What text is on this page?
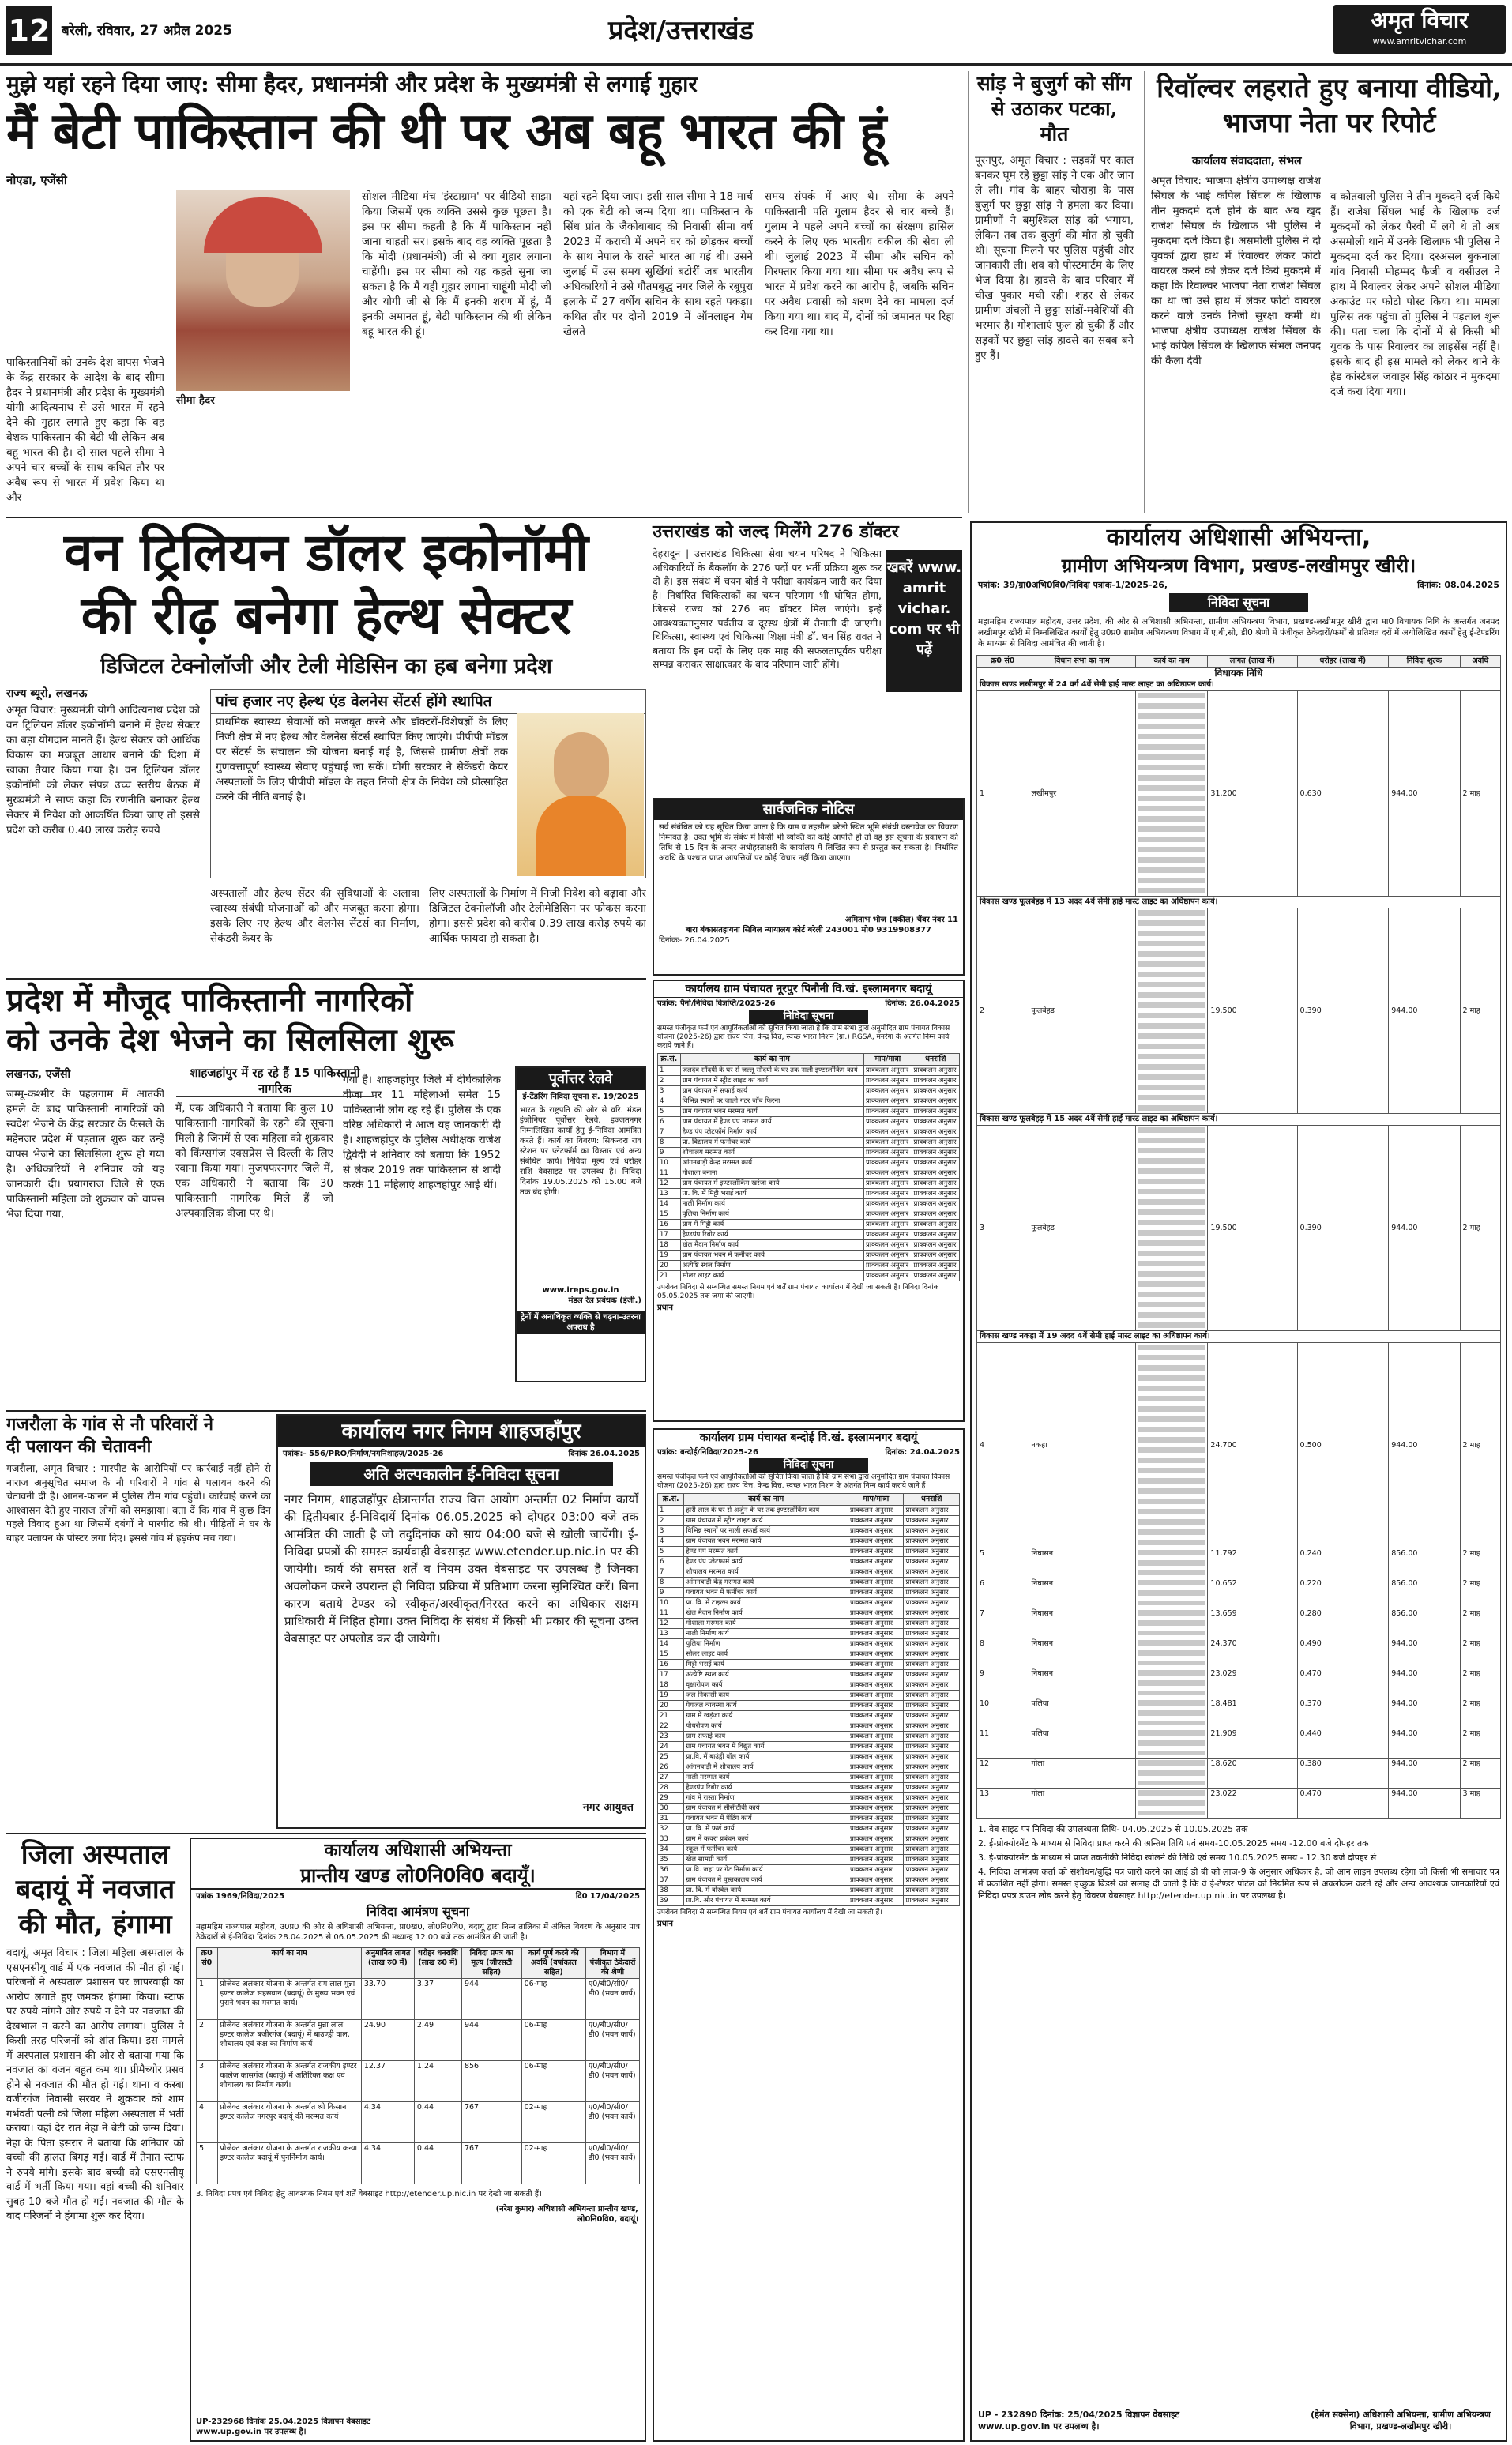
12 बरेली, रविवार, 27 अप्रैल 2025	प्रदेश/उत्तराखंड	अमृत विचार
www.amritvichar.com
मुझे यहां रहने दिया जाए: सीमा हैदर, प्रधानमंत्री और प्रदेश के मुख्यमंत्री से लगाई गुहार
मैं बेटी पाकिस्तान की थी पर अब बहू भारत की हूं
नोएडा, एजेंसी
पाकिस्तानियों को उनके देश वापस भेजने के केंद्र सरकार के आदेश के बाद सीमा हैदर ने प्रधानमंत्री और प्रदेश के मुख्यमंत्री योगी आदित्यनाथ से उसे भारत में रहने देने की गुहार लगाते हुए कहा कि वह बेशक पाकिस्तान की बेटी थी लेकिन अब बहू भारत की है। दो साल पहले सीमा ने अपने चार बच्चों के साथ कथित तौर पर अवैध रूप से भारत में प्रवेश किया था और
सीमा हैदर
सोशल मीडिया मंच 'इंस्टाग्राम' पर वीडियो साझा किया जिसमें एक व्यक्ति उससे कुछ पूछता है। इस पर सीमा कहती है कि मैं पाकिस्तान नहीं जाना चाहती सर। इसके बाद वह व्यक्ति पूछता है कि मोदी (प्रधानमंत्री) जी से क्या गुहार लगाना चाहेंगी। इस पर सीमा को यह कहते सुना जा सकता है कि मैं यही गुहार लगाना चाहूंगी मोदी जी और योगी जी से कि मैं इनकी शरण में हूं, मैं इनकी अमानत हूं, बेटी पाकिस्तान की थी लेकिन बहू भारत की हूं।
यहां रहने दिया जाए। इसी साल सीमा ने 18 मार्च को एक बेटी को जन्म दिया था। पाकिस्तान के सिंध प्रांत के जैकोबाबाद की निवासी सीमा वर्ष 2023 में कराची में अपने घर को छोड़कर बच्चों के साथ नेपाल के रास्ते भारत आ गई थी। उसने जुलाई में उस समय सुर्खियां बटोरीं जब भारतीय अधिकारियों ने उसे गौतमबुद्ध नगर जिले के रबूपुरा इलाके में 27 वर्षीय सचिन के साथ रहते पकड़ा। कथित तौर पर दोनों 2019 में ऑनलाइन गेम खेलते
समय संपर्क में आए थे। सीमा के अपने पाकिस्तानी पति गुलाम हैदर से चार बच्चे हैं। गुलाम ने पहले अपने बच्चों का संरक्षण हासिल करने के लिए एक भारतीय वकील की सेवा ली थी। जुलाई 2023 में सीमा और सचिन को गिरफ्तार किया गया था। सीमा पर अवैध रूप से भारत में प्रवेश करने का आरोप है, जबकि सचिन पर अवैध प्रवासी को शरण देने का मामला दर्ज किया गया था। बाद में, दोनों को जमानत पर रिहा कर दिया गया था।
सांड़ ने बुजुर्ग को सींग से उठाकर पटका, मौत
पूरनपुर, अमृत विचार : सड़कों पर काल बनकर घूम रहे छुट्टा सांड़ ने एक और जान ले ली। गांव के बाहर चौराहा के पास बुजुर्ग पर छुट्टा सांड़ ने हमला कर दिया। ग्रामीणों ने बमुश्किल सांड़ को भगाया, लेकिन तब तक बुजुर्ग की मौत हो चुकी थी। सूचना मिलने पर पुलिस पहुंची और जानकारी ली। शव को पोस्टमार्टम के लिए भेज दिया है। हादसे के बाद परिवार में चीख पुकार मची रही। शहर से लेकर ग्रामीण अंचलों में छुट्टा सांडों-मवेशियों की भरमार है। गोशालाएं फुल हो चुकी हैं और सड़कों पर छुट्टा सांड़ हादसे का सबब बने हुए हैं।
रिवॉल्वर लहराते हुए बनाया वीडियो, भाजपा नेता पर रिपोर्ट
कार्यालय संवाददाता, संभल
अमृत विचार: भाजपा क्षेत्रीय उपाध्यक्ष राजेश सिंघल के भाई कपिल सिंघल के खिलाफ तीन मुकदमे दर्ज होने के बाद अब खुद राजेश सिंघल के खिलाफ भी पुलिस ने मुकदमा दर्ज किया है। असमोली पुलिस ने दो युवकों द्वारा हाथ में रिवाल्वर लेकर फोटो वायरल करने को लेकर दर्ज किये मुकदमे में कहा कि रिवाल्वर भाजपा नेता राजेश सिंघल का था जो उसे हाथ में लेकर फोटो वायरल करने वाले उनके निजी सुरक्षा कर्मी थे। भाजपा क्षेत्रीय उपाध्यक्ष राजेश सिंघल के भाई कपिल सिंघल के खिलाफ संभल जनपद की कैला देवी
व कोतवाली पुलिस ने तीन मुकदमे दर्ज किये हैं। राजेश सिंघल भाई के खिलाफ दर्ज मुकदमों को लेकर पैरवी में लगे थे तो अब असमोली थाने में उनके खिलाफ भी पुलिस ने मुकदमा दर्ज कर दिया। दरअसल बुकनाला गांव निवासी मोहम्मद फैजी व वसीउल ने हाथ में रिवाल्वर लेकर अपने सोशल मीडिया अकाउंट पर फोटो पोस्ट किया था। मामला पुलिस तक पहुंचा तो पुलिस ने पड़ताल शुरू की। पता चला कि दोनों में से किसी भी युवक के पास रिवाल्वर का लाइसेंस नहीं है। इसके बाद ही इस मामले को लेकर थाने के हेड कांस्टेबल जवाहर सिंह कोठार ने मुकदमा दर्ज करा दिया गया।
वन ट्रिलियन डॉलर इकोनॉमी
की रीढ़ बनेगा हेल्थ सेक्टर
डिजिटल टेक्नोलॉजी और टेली मेडिसिन का हब बनेगा प्रदेश
राज्य ब्यूरो, लखनऊ
अमृत विचार: मुख्यमंत्री योगी आदित्यनाथ प्रदेश को वन ट्रिलियन डॉलर इकोनॉमी बनाने में हेल्थ सेक्टर का बड़ा योगदान मानते हैं। हेल्थ सेक्टर को आर्थिक विकास का मजबूत आधार बनाने की दिशा में खाका तैयार किया गया है। वन ट्रिलियन डॉलर इकोनॉमी को लेकर संपन्न उच्च स्तरीय बैठक में मुख्यमंत्री ने साफ कहा कि रणनीति बनाकर हेल्थ सेक्टर में निवेश को आकर्षित किया जाए तो इससे प्रदेश को करीब 0.40 लाख करोड़ रुपये
पांच हजार नए हेल्थ एंड वेलनेस सेंटर्स होंगे स्थापित
प्राथमिक स्वास्थ्य सेवाओं को मजबूत करने और डॉक्टरों-विशेषज्ञों के लिए निजी क्षेत्र में नए हेल्थ और वेलनेस सेंटर्स स्थापित किए जाएंगे। पीपीपी मॉडल पर सेंटर्स के संचालन की योजना बनाई गई है, जिससे ग्रामीण क्षेत्रों तक गुणवत्तापूर्ण स्वास्थ्य सेवाएं पहुंचाई जा सकें। योगी सरकार ने सेकेंडरी केयर अस्पतालों के लिए पीपीपी मॉडल के तहत निजी क्षेत्र के निवेश को प्रोत्साहित करने की नीति बनाई है।
अस्पतालों और हेल्थ सेंटर की सुविधाओं के अलावा स्वास्थ्य संबंधी योजनाओं को और मजबूत करना होगा। इसके लिए नए हेल्थ और वेलनेस सेंटर्स का निर्माण, सेकंडरी केयर के
लिए अस्पतालों के निर्माण में निजी निवेश को बढ़ावा और डिजिटल टेक्नोलॉजी और टेलीमेडिसिन पर फोकस करना होगा। इससे प्रदेश को करीब 0.39 लाख करोड़ रुपये का आर्थिक फायदा हो सकता है।
उत्तराखंड को जल्द मिलेंगे 276 डॉक्टर
देहरादून | उत्तराखंड चिकित्सा सेवा चयन परिषद ने चिकित्सा अधिकारियों के बैकलॉग के 276 पदों पर भर्ती प्रक्रिया शुरू कर दी है। इस संबंध में चयन बोर्ड ने परीक्षा कार्यक्रम जारी कर दिया है। निर्धारित चिकित्सकों का चयन परिणाम भी घोषित होगा, जिससे राज्य को 276 नए डॉक्टर मिल जाएंगे। इन्हें आवश्यकतानुसार पर्वतीय व दूरस्थ क्षेत्रों में तैनाती दी जाएगी। चिकित्सा, स्वास्थ्य एवं चिकित्सा शिक्षा मंत्री डॉ. धन सिंह रावत ने बताया कि इन पदों के लिए एक माह की सफलतापूर्वक परीक्षा सम्पन्न कराकर साक्षात्कार के बाद परिणाम जारी होंगे।
खबरें www. amrit vichar. com पर भी पढ़ें
सार्वजनिक नोटिस
सर्व संबंधित को यह सूचित किया जाता है कि ग्राम व तहसील बरेली स्थित भूमि संबंधी दस्तावेज का विवरण निम्नवत है। उक्त भूमि के संबंध में किसी भी व्यक्ति को कोई आपत्ति हो तो वह इस सूचना के प्रकाशन की तिथि से 15 दिन के अन्दर अधोहस्ताक्षरी के कार्यालय में लिखित रूप से प्रस्तुत कर सकता है। निर्धारित अवधि के पश्चात प्राप्त आपत्तियों पर कोई विचार नहीं किया जाएगा।
अमिताभ भोज (वकील) चैंबर नंबर 11
बारा बंकासतहायना सिविल न्यायालय कोर्ट बरेली 243001 मो0 9319908377
दिनांकः- 26.04.2025
प्रदेश में मौजूद पाकिस्तानी नागरिकों
को उनके देश भेजने का सिलसिला शुरू
लखनऊ, एजेंसी	शाहजहांपुर में रह रहे हैं 15 पाकिस्तानी नागरिक
जम्मू-कश्मीर के पहलगाम में आतंकी हमले के बाद पाकिस्तानी नागरिकों को स्वदेश भेजने के केंद्र सरकार के फैसले के मद्देनजर प्रदेश में पड़ताल शुरू कर उन्हें वापस भेजने का सिलसिला शुरू हो गया है। अधिकारियों ने शनिवार को यह जानकारी दी। प्रयागराज जिले से एक पाकिस्तानी महिला को शुक्रवार को वापस भेज दिया गया,
मैं, एक अधिकारी ने बताया कि कुल 10 पाकिस्तानी नागरिकों के रहने की सूचना मिली है जिनमें से एक महिला को शुक्रवार को किंग्सगंज एक्सप्रेस से दिल्ली के लिए रवाना किया गया। मुजफ्फरनगर जिले में, एक अधिकारी ने बताया कि 30 पाकिस्तानी नागरिक मिले हैं जो अल्पकालिक वीजा पर थे।
गया है। शाहजहांपुर जिले में दीर्घकालिक वीजा पर 11 महिलाओं समेत 15 पाकिस्तानी लोग रह रहे हैं। पुलिस के एक वरिष्ठ अधिकारी ने आज यह जानकारी दी है। शाहजहांपुर के पुलिस अधीक्षक राजेश द्विवेदी ने शनिवार को बताया कि 1952 से लेकर 2019 तक पाकिस्तान से शादी करके 11 महिलाएं शाहजहांपुर आई थीं।
पूर्वोत्तर रेलवे
ई-टेंडरिंग निविदा सूचना सं. 19/2025
भारत के राष्ट्रपति की ओर से वरि. मंडल इंजीनियर पूर्वोत्तर रेलवे, इज्जतनगर निम्नलिखित कार्यों हेतु ई-निविदा आमंत्रित करते हैं। कार्य का विवरण: सिकन्दरा राव स्टेशन पर प्लेटफॉर्म का विस्तार एवं अन्य संबंधित कार्य। निविदा मूल्य एवं धरोहर राशि वेबसाइट पर उपलब्ध है। निविदा दिनांक 19.05.2025 को 15.00 बजे तक बंद होगी।
www.ireps.gov.in
मंडल रेल प्रबंधक (इंजी.)
ट्रेनों में अनाधिकृत व्यक्ति से चढ़ना-उतरना अपराध है
गजरौला के गांव से नौ परिवारों ने
दी पलायन की चेतावनी
गजरौला, अमृत विचार : मारपीट के आरोपियों पर कार्रवाई नहीं होने से नाराज अनुसूचित समाज के नौ परिवारों ने गांव से पलायन करने की चेतावनी दी है। आनन-फानन में पुलिस टीम गांव पहुंची। कार्रवाई करने का आश्वासन देते हुए नाराज लोगों को समझाया। बता दें कि गांव में कुछ दिन पहले विवाद हुआ था जिसमें दबंगों ने मारपीट की थी। पीड़ितों ने घर के बाहर पलायन के पोस्टर लगा दिए। इससे गांव में हड़कंप मच गया।
कार्यालय नगर निगम शाहजहाँपुर
पत्रांक:- 556/PRO/निर्माण/नगनिशाहज़/2025-26	दिनांक 26.04.2025
अति अल्पकालीन ई-निविदा सूचना
नगर निगम, शाहजहाँपुर क्षेत्रान्तर्गत राज्य वित्त आयोग अन्तर्गत 02 निर्माण कार्यों की द्वितीयबार ई-निविदायें दिनांक 06.05.2025 को दोपहर 03:00 बजे तक आमंत्रित की जाती है जो तदुदिनांक को सायं 04:00 बजे से खोली जायेंगी। ई-निविदा प्रपत्रों की समस्त कार्यवाही वेबसाइट www.etender.up.nic.in पर की जायेगी। कार्य की समस्त शर्तें व नियम उक्त वेबसाइट पर उपलब्ध है जिनका अवलोकन करने उपरान्त ही निविदा प्रक्रिया में प्रतिभाग करना सुनिश्चित करें। बिना कारण बताये टेण्डर को स्वीकृत/अस्वीकृत/निरस्त करने का अधिकार सक्षम प्राधिकारी में निहित होगा। उक्त निविदा के संबंध में किसी भी प्रकार की सूचना उक्त वेबसाइट पर अपलोड कर दी जायेगी।
नगर आयुक्त
जिला अस्पताल बदायूं में नवजात की मौत, हंगामा
बदायूं, अमृत विचार : जिला महिला अस्पताल के एसएनसीयू वार्ड में एक नवजात की मौत हो गई। परिजनों ने अस्पताल प्रशासन पर लापरवाही का आरोप लगाते हुए जमकर हंगामा किया। स्टाफ पर रुपये मांगने और रुपये न देने पर नवजात की देखभाल न करने का आरोप लगाया। पुलिस ने किसी तरह परिजनों को शांत किया। इस मामले में अस्पताल प्रशासन की ओर से बताया गया कि नवजात का वजन बहुत कम था। प्रीमैच्योर प्रसव होने से नवजात की मौत हो गई। थाना व कस्बा वजीरगंज निवासी सरवर ने शुक्रवार को शाम गर्भवती पत्नी को जिला महिला अस्पताल में भर्ती कराया। यहां देर रात नेहा ने बेटी को जन्म दिया। नेहा के पिता इसरार ने बताया कि शनिवार को बच्ची की हालत बिगड़ गई। वार्ड में तैनात स्टाफ ने रुपये मांगे। इसके बाद बच्ची को एसएनसीयू वार्ड में भर्ती किया गया। वहां बच्ची की शनिवार सुबह 10 बजे मौत हो गई। नवजात की मौत के बाद परिजनों ने हंगामा शुरू कर दिया।
कार्यालय अधिशासी अभियन्ता
प्रान्तीय खण्ड लो0नि0वि0 बदायूँ।
पत्रांक 1969/निविदा/2025	दि0 17/04/2025
निविदा आमंत्रण सूचना
महामहिम राज्यपाल महोदय, उ0प्र0 की ओर से अधिशासी अभियन्ता, प्रा0ख0, लो0नि0वि0, बदायूं द्वारा निम्न तालिका में अंकित विवरण के अनुसार पात्र ठेकेदारों से ई-निविदा दिनांक 28.04.2025 से 06.05.2025 की मध्यान्ह 12.00 बजे तक आमंत्रित की जाती है।
क्र0 सं0	कार्य का नाम	अनुमानित लागत (लाख रु0 में)	धरोहर धनराशि (लाख रु0 में)	निविदा प्रपत्र का मूल्य (जीएसटी सहित)	कार्य पूर्ण करने की अवधि (वर्षाकाल सहित)	विभाग में पंजीकृत ठेकेदारों की श्रेणी
1	प्रोजेक्ट अलंकार योजना के अन्तर्गत राम लाल मुन्ना इण्टर कालेज सहसवान (बदायूं) के मुख्य भवन एवं पुराने भवन का मरम्मत कार्य।	33.70	3.37	944	06-माह	ए0/बी0/सी0/डी0 (भवन कार्य)
2	प्रोजेक्ट अलंकार योजना के अन्तर्गत मुन्ना लाल इण्टर कालेज बजीरगंज (बदायूं) में बाउण्ड्री वाल, शौचालय एवं कक्ष का निर्माण कार्य।	24.90	2.49	944	06-माह	ए0/बी0/सी0/डी0 (भवन कार्य)
3	प्रोजेक्ट अलंकार योजना के अन्तर्गत राजकीय इण्टर कालेज कासगंज (बदायूं) में अतिरिक्त कक्ष एवं शौचालय का निर्माण कार्य।	12.37	1.24	856	06-माह	ए0/बी0/सी0/डी0 (भवन कार्य)
4	प्रोजेक्ट अलंकार योजना के अन्तर्गत श्री किसान इण्टर कालेज नगरपुर बदायूं की मरम्मत कार्य।	4.34	0.44	767	02-माह	ए0/बी0/सी0/डी0 (भवन कार्य)
5	प्रोजेक्ट अलंकार योजना के अन्तर्गत राजकीय कन्या इण्टर कालेज बदायूं में पुनर्निर्माण कार्य।	4.34	0.44	767	02-माह	ए0/बी0/सी0/डी0 (भवन कार्य)
3. निविदा प्रपत्र एवं निविदा हेतु आवश्यक नियम एवं शर्तें वेबसाइट http://etender.up.nic.in पर देखी जा सकती हैं।
(नरेश कुमार) अधिशासी अभियन्ता प्रान्तीय खण्ड, लो0नि0वि0, बदायूं।
UP-232968 दिनांक 25.04.2025 विज्ञापन वेबसाइट www.up.gov.in पर उपलब्ध है।
कार्यालय ग्राम पंचायत नूरपुर पिनौनी वि.खं. इस्लामनगर बदायूं
पत्रांक: पैनो/निविदा विज्ञप्ति/2025-26	दिनांक: 26.04.2025
निविदा सूचना
समस्त पंजीकृत फर्म एवं आपूर्तिकर्ताओं को सूचित किया जाता है कि ग्राम सभा द्वारा अनुमोदित ग्राम पंचायत विकास योजना (2025-26) द्वारा राज्य वित्त, केन्द्र वित्त, स्वच्छ भारत मिशन (ग्रा.) RGSA, मनरेगा के अंतर्गत निम्न कार्य कराये जाने हैं।
क्र.सं.	कार्य का नाम	माप/मात्रा	धनराशि
1	जलदेव सौंदर्यी के घर से जल्लू सौंदर्यी के घर तक नाली इण्टरलॉकिंग कार्य	प्राक्कलन अनुसार	प्राक्कलन अनुसार
2	ग्राम पंचायत में स्ट्रीट लाइट का कार्य	प्राक्कलन अनुसार	प्राक्कलन अनुसार
3	ग्राम पंचायत में सफाई कार्य	प्राक्कलन अनुसार	प्राक्कलन अनुसार
4	विभिन्न स्थानों पर जाली गटर जॉब फिरना	प्राक्कलन अनुसार	प्राक्कलन अनुसार
5	ग्राम पंचायत भवन मरम्मत कार्य	प्राक्कलन अनुसार	प्राक्कलन अनुसार
6	ग्राम पंचायत में हैण्ड पंप मरम्मत कार्य	प्राक्कलन अनुसार	प्राक्कलन अनुसार
7	हैण्ड पंप प्लेटफॉर्म निर्माण कार्य	प्राक्कलन अनुसार	प्राक्कलन अनुसार
8	प्रा. विद्यालय में फर्नीचर कार्य	प्राक्कलन अनुसार	प्राक्कलन अनुसार
9	शौचालय मरम्मत कार्य	प्राक्कलन अनुसार	प्राक्कलन अनुसार
10	आंगनबाड़ी केन्द्र मरम्मत कार्य	प्राक्कलन अनुसार	प्राक्कलन अनुसार
11	गौशाला बनाना	प्राक्कलन अनुसार	प्राक्कलन अनुसार
12	ग्राम पंचायत में इण्टरलॉकिंग खरंजा कार्य	प्राक्कलन अनुसार	प्राक्कलन अनुसार
13	प्रा. वि. में मिट्टी भराई कार्य	प्राक्कलन अनुसार	प्राक्कलन अनुसार
14	नाली निर्माण कार्य	प्राक्कलन अनुसार	प्राक्कलन अनुसार
15	पुलिया निर्माण कार्य	प्राक्कलन अनुसार	प्राक्कलन अनुसार
16	ग्राम में मिट्टी कार्य	प्राक्कलन अनुसार	प्राक्कलन अनुसार
17	हैण्डपंप रिबोर कार्य	प्राक्कलन अनुसार	प्राक्कलन अनुसार
18	खेल मैदान निर्माण कार्य	प्राक्कलन अनुसार	प्राक्कलन अनुसार
19	ग्राम पंचायत भवन में फर्नीचर कार्य	प्राक्कलन अनुसार	प्राक्कलन अनुसार
20	अंत्येष्टि स्थल निर्माण	प्राक्कलन अनुसार	प्राक्कलन अनुसार
21	सोलर लाइट कार्य	प्राक्कलन अनुसार	प्राक्कलन अनुसार
उपरोक्त निविदा से सम्बन्धित समस्त नियम एवं शर्तें ग्राम पंचायत कार्यालय में देखी जा सकती हैं। निविदा दिनांक 05.05.2025 तक जमा की जाएगी।
प्रधान
कार्यालय ग्राम पंचायत बन्दोई वि.खं. इस्लामनगर बदायूं
पत्रांक: बन्दोई/निविदा/2025-26	दिनांक: 24.04.2025
निविदा सूचना
समस्त पंजीकृत फर्म एवं आपूर्तिकर्ताओं को सूचित किया जाता है कि ग्राम सभा द्वारा अनुमोदित ग्राम पंचायत विकास योजना (2025-26) द्वारा राज्य वित्त, केन्द्र वित्त, स्वच्छ भारत मिशन के अंतर्गत निम्न कार्य कराये जाने हैं।
क्र.सं.	कार्य का नाम	माप/मात्रा	धनराशि
1	होरी लाल के घर से अर्जुन के घर तक इण्टरलॉकिंग कार्य	प्राक्कलन अनुसार	प्राक्कलन अनुसार
2	ग्राम पंचायत में स्ट्रीट लाइट कार्य	प्राक्कलन अनुसार	प्राक्कलन अनुसार
3	विभिन्न स्थानों पर नाली सफाई कार्य	प्राक्कलन अनुसार	प्राक्कलन अनुसार
4	ग्राम पंचायत भवन मरम्मत कार्य	प्राक्कलन अनुसार	प्राक्कलन अनुसार
5	हैण्ड पंप मरम्मत कार्य	प्राक्कलन अनुसार	प्राक्कलन अनुसार
6	हैण्ड पंप प्लेटफार्म कार्य	प्राक्कलन अनुसार	प्राक्कलन अनुसार
7	शौचालय मरम्मत कार्य	प्राक्कलन अनुसार	प्राक्कलन अनुसार
8	आंगनबाड़ी केंद्र मरम्मत कार्य	प्राक्कलन अनुसार	प्राक्कलन अनुसार
9	पंचायत भवन में फर्नीचर कार्य	प्राक्कलन अनुसार	प्राक्कलन अनुसार
10	प्रा. वि. में टाइल्स कार्य	प्राक्कलन अनुसार	प्राक्कलन अनुसार
11	खेल मैदान निर्माण कार्य	प्राक्कलन अनुसार	प्राक्कलन अनुसार
12	गौशाला मरम्मत कार्य	प्राक्कलन अनुसार	प्राक्कलन अनुसार
13	नाली निर्माण कार्य	प्राक्कलन अनुसार	प्राक्कलन अनुसार
14	पुलिया निर्माण	प्राक्कलन अनुसार	प्राक्कलन अनुसार
15	सोलर लाइट कार्य	प्राक्कलन अनुसार	प्राक्कलन अनुसार
16	मिट्टी भराई कार्य	प्राक्कलन अनुसार	प्राक्कलन अनुसार
17	अंत्येष्टि स्थल कार्य	प्राक्कलन अनुसार	प्राक्कलन अनुसार
18	वृक्षारोपण कार्य	प्राक्कलन अनुसार	प्राक्कलन अनुसार
19	जल निकासी कार्य	प्राक्कलन अनुसार	प्राक्कलन अनुसार
20	पेयजल व्यवस्था कार्य	प्राक्कलन अनुसार	प्राक्कलन अनुसार
21	ग्राम में खड़ंजा कार्य	प्राक्कलन अनुसार	प्राक्कलन अनुसार
22	पौधरोपण कार्य	प्राक्कलन अनुसार	प्राक्कलन अनुसार
23	ग्राम सफाई कार्य	प्राक्कलन अनुसार	प्राक्कलन अनुसार
24	ग्राम पंचायत भवन में विद्युत कार्य	प्राक्कलन अनुसार	प्राक्कलन अनुसार
25	प्रा.वि. में बाउंड्री वॉल कार्य	प्राक्कलन अनुसार	प्राक्कलन अनुसार
26	आंगनबाड़ी में शौचालय कार्य	प्राक्कलन अनुसार	प्राक्कलन अनुसार
27	नाली मरम्मत कार्य	प्राक्कलन अनुसार	प्राक्कलन अनुसार
28	हैण्डपंप रिबोर कार्य	प्राक्कलन अनुसार	प्राक्कलन अनुसार
29	गांव में रास्ता निर्माण	प्राक्कलन अनुसार	प्राक्कलन अनुसार
30	ग्राम पंचायत में सीसीटीवी कार्य	प्राक्कलन अनुसार	प्राक्कलन अनुसार
31	पंचायत भवन में पेंटिंग कार्य	प्राक्कलन अनुसार	प्राक्कलन अनुसार
32	प्रा. वि. में फर्श कार्य	प्राक्कलन अनुसार	प्राक्कलन अनुसार
33	ग्राम में कचरा प्रबंधन कार्य	प्राक्कलन अनुसार	प्राक्कलन अनुसार
34	स्कूल में फर्नीचर कार्य	प्राक्कलन अनुसार	प्राक्कलन अनुसार
35	खेल सामग्री कार्य	प्राक्कलन अनुसार	प्राक्कलन अनुसार
36	प्रा.वि. जहां पर गेट निर्माण कार्य	प्राक्कलन अनुसार	प्राक्कलन अनुसार
37	ग्राम पंचायत में पुस्तकालय कार्य	प्राक्कलन अनुसार	प्राक्कलन अनुसार
38	प्रा. वि. में बोरवेल कार्य	प्राक्कलन अनुसार	प्राक्कलन अनुसार
39	प्रा.वि. और पंचायत में मरम्मत कार्य	प्राक्कलन अनुसार	प्राक्कलन अनुसार
उपरोक्त निविदा से सम्बन्धित नियम एवं शर्तें ग्राम पंचायत कार्यालय में देखी जा सकती हैं।
प्रधान
कार्यालय अधिशासी अभियन्ता,
ग्रामीण अभियन्त्रण विभाग, प्रखण्ड-लखीमपुर खीरी।
पत्रांक: 39/ग्रा0अभि0वि0/निविदा पत्रांक-1/2025-26,	दिनांक: 08.04.2025
निविदा सूचना
महामहिम राज्यपाल महोदय, उत्तर प्रदेश, की ओर से अधिशासी अभियन्ता, ग्रामीण अभियन्त्रण विभाग, प्रखण्ड-लखीमपुर खीरी द्वारा मा0 विधायक निधि के अन्तर्गत जनपद लखीमपुर खीरी में निम्नलिखित कार्यों हेतु उ0प्र0 ग्रामीण अभियन्त्रण विभाग में ए,बी,सी, डी0 श्रेणी में पंजीकृत ठेकेदारों/फर्मों से प्रतिशत दरों में अधोलिखित कार्यों हेतु ई-टेण्डरिंग के माध्यम से निविदा आमंत्रित की जाती है।
क्र0 सं0	विधान सभा का नाम	कार्य का नाम	लागत (लाख में)	धरोहर (लाख में)	निविदा शुल्क	अवधि
विधायक निधि						
विकास खण्ड लखीमपुर में 24 वर्ग 4वें सेमी हाई मास्ट लाइट का अधिष्ठापन कार्य।						
1	लखीमपुर		31.200	0.630	944.00	2 माह
विकास खण्ड फूलबेहड़ में 13 अदद 4वें सेमी हाई मास्ट लाइट का अधिष्ठापन कार्य।						
2	फूलबेहड		19.500	0.390	944.00	2 माह
विकास खण्ड फूलबेहड़ में 15 अदद 4वें सेमी हाई मास्ट लाइट का अधिष्ठापन कार्य।						
3	फूलबेहड		19.500	0.390	944.00	2 माह
विकास खण्ड नकहा में 19 अदद 4वें सेमी हाई मास्ट लाइट का अधिष्ठापन कार्य।						
4	नकहा		24.700	0.500	944.00	2 माह
5	निघासन		11.792	0.240	856.00	2 माह
6	निघासन		10.652	0.220	856.00	2 माह
7	निघासन		13.659	0.280	856.00	2 माह
8	निघासन		24.370	0.490	944.00	2 माह
9	निघासन		23.029	0.470	944.00	2 माह
10	पलिया		18.481	0.370	944.00	2 माह
11	पलिया		21.909	0.440	944.00	2 माह
12	गोला		18.620	0.380	944.00	2 माह
13	गोला		23.022	0.470	944.00	3 माह
1. वेब साइट पर निविदा की उपलब्धता तिथि- 04.05.2025 से 10.05.2025 तक
2. ई-प्रोक्योरमेंट के माध्यम से निविदा प्राप्त करने की अन्तिम तिथि एवं समय-10.05.2025 समय -12.00 बजे दोपहर तक
3. ई-प्रोक्योरमेंट के माध्यम से प्राप्त तकनीकी निविदा खोलने की तिथि एवं समय 10.05.2025 समय - 12.30 बजे दोपहर से
4. निविदा आमंत्रण कर्ता को संशोधन/बुद्धि पत्र जारी करने का आई डी बी को लाज-9 के अनुसार अधिकार है, जो आन लाइन उपलब्ध रहेगा जो किसी भी समाचार पत्र में प्रकाशित नहीं होगा। समस्त इच्छुक बिडर्स को सलाह दी जाती है कि वे ई-टेण्डर पोर्टल को नियमित रूप से अवलोकन करते रहें और अन्य आवश्यक जानकारियों एवं निविदा प्रपत्र डाउन लोड करने हेतु विवरण वेबसाइट http://etender.up.nic.in पर उपलब्ध है।
(हेमंत सक्सेना) अधिशासी अभियन्ता, ग्रामीण अभियन्त्रण विभाग, प्रखण्ड-लखीमपुर खीरी।
UP - 232890 दिनांक: 25/04/2025 विज्ञापन वेबसाइट www.up.gov.in पर उपलब्ध है।
